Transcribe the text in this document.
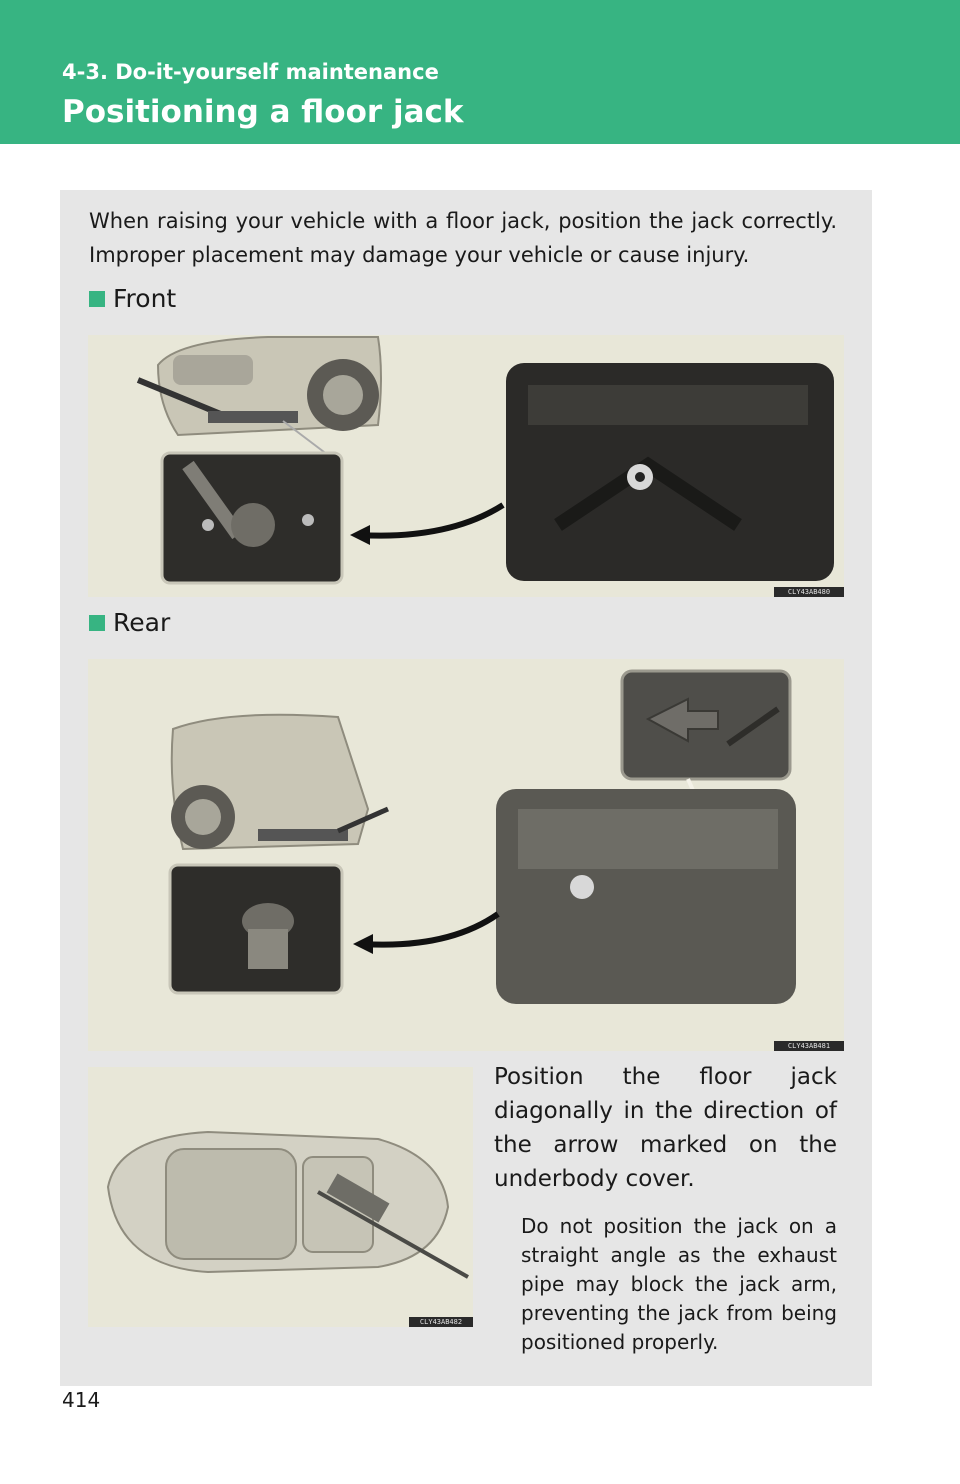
4-3. Do-it-yourself maintenance
Positioning a floor jack
When raising your vehicle with a floor jack, position the jack correctly. Improper placement may damage your vehicle or cause injury.
Front
CLY43AB480
Rear
CLY43AB481
CLY43AB482
Position the floor jack diagonally in the direction of the arrow marked on the underbody cover.
Do not position the jack on a straight angle as the exhaust pipe may block the jack arm, preventing the jack from being positioned properly.
414
